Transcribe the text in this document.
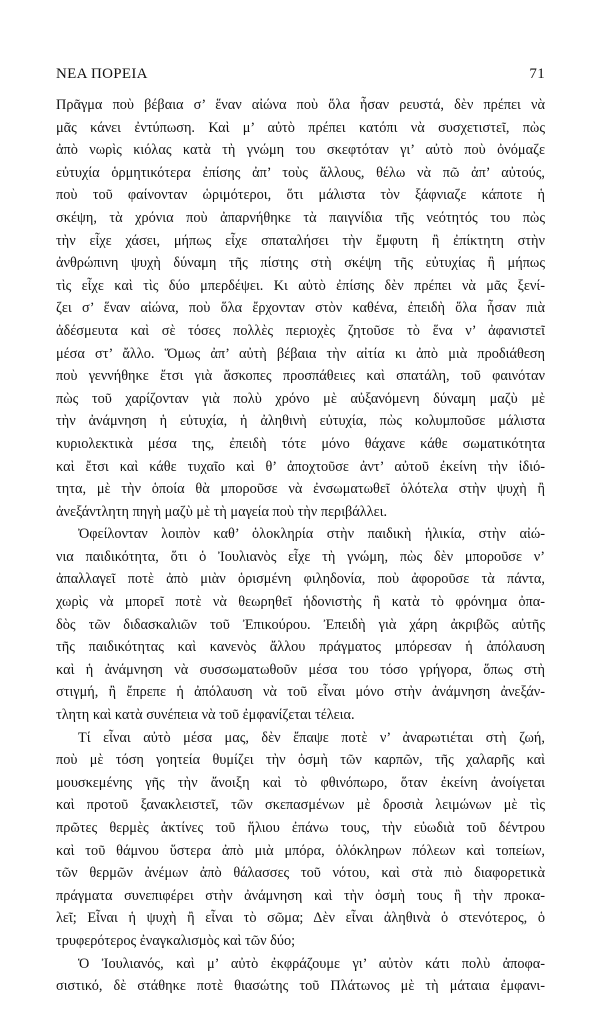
ΝΕΑ ΠΟΡΕΙΑ	71
Πρᾶγμα ποὺ βέβαια σ’ ἕναν αἰώνα ποὺ ὅλα ἦσαν ρευστά, δὲν πρέπει νὰ
μᾶς κάνει ἐντύπωση. Καὶ μ’ αὐτὸ πρέπει κατόπι νὰ συσχετιστεῖ, πὼς
ἀπὸ νωρὶς κιόλας κατὰ τὴ γνώμη του σκεφτόταν γι’ αὐτὸ ποὺ ὀνόμαζε
εὐτυχία ὁρμητικότερα ἐπίσης ἀπ’ τοὺς ἄλλους, θέλω νὰ πῶ ἀπ’ αὐτούς,
ποὺ τοῦ φαίνονταν ὡριμότεροι, ὅτι μάλιστα τὸν ξάφνιαζε κάποτε ἡ
σκέψη, τὰ χρόνια ποὺ ἀπαρνήθηκε τὰ παιγνίδια τῆς νεότητός του πὼς
τὴν εἶχε χάσει, μήπως εἶχε σπαταλήσει τὴν ἔμφυτη ἢ ἐπίκτητη στὴν
ἀνθρώπινη ψυχὴ δύναμη τῆς πίστης στὴ σκέψη τῆς εὐτυχίας ἢ μήπως
τὶς εἶχε καὶ τὶς δύο μπερδέψει. Κι αὐτὸ ἐπίσης δὲν πρέπει νὰ μᾶς ξενί-
ζει σ’ ἕναν αἰώνα, ποὺ ὅλα ἔρχονταν στὸν καθένα, ἐπειδὴ ὅλα ἦσαν πιὰ
ἀδέσμευτα καὶ σὲ τόσες πολλὲς περιοχὲς ζητοῦσε τὸ ἕνα ν’ ἀφανιστεῖ
μέσα στ’ ἄλλο. Ὅμως ἀπ’ αὐτὴ βέβαια τὴν αἰτία κι ἀπὸ μιὰ προδιάθεση
ποὺ γεννήθηκε ἔτσι γιὰ ἄσκοπες προσπάθειες καὶ σπατάλη, τοῦ φαινόταν
πὼς τοῦ χαρίζονταν γιὰ πολὺ χρόνο μὲ αὐξανόμενη δύναμη μαζὺ μὲ
τὴν ἀνάμνηση ἡ εὐτυχία, ἡ ἀληθινὴ εὐτυχία, πὼς κολυμποῦσε μάλιστα
κυριολεκτικὰ μέσα της, ἐπειδὴ τότε μόνο θάχανε κάθε σωματικότητα
καὶ ἔτσι καὶ κάθε τυχαῖο καὶ θ’ ἀποχτοῦσε ἀντ’ αὐτοῦ ἐκείνη τὴν ἰδιό-
τητα, μὲ τὴν ὁποία θὰ μποροῦσε νὰ ἐνσωματωθεῖ ὁλότελα στὴν ψυχὴ ἢ
ἀνεξάντλητη πηγὴ μαζὺ μὲ τὴ μαγεία ποὺ τὴν περιβάλλει.
Ὀφείλονταν λοιπὸν καθ’ ὁλοκληρία στὴν παιδικὴ ἡλικία, στὴν αἰώ-
νια παιδικότητα, ὅτι ὁ Ἰουλιανὸς εἶχε τὴ γνώμη, πὼς δὲν μποροῦσε ν’
ἀπαλλαγεῖ ποτὲ ἀπὸ μιὰν ὁρισμένη φιληδονία, ποὺ ἀφοροῦσε τὰ πάντα,
χωρὶς νὰ μπορεῖ ποτὲ νὰ θεωρηθεῖ ἡδονιστὴς ἢ κατὰ τὸ φρόνημα ὀπα-
δὸς τῶν διδασκαλιῶν τοῦ Ἐπικούρου. Ἐπειδὴ γιὰ χάρη ἀκριβῶς αὐτῆς
τῆς παιδικότητας καὶ κανενὸς ἄλλου πράγματος μπόρεσαν ἡ ἀπόλαυση
καὶ ἡ ἀνάμνηση νὰ συσσωματωθοῦν μέσα του τόσο γρήγορα, ὅπως στὴ
στιγμή, ἢ ἔπρεπε ἡ ἀπόλαυση νὰ τοῦ εἶναι μόνο στὴν ἀνάμνηση ἀνεξάν-
τλητη καὶ κατὰ συνέπεια νὰ τοῦ ἐμφανίζεται τέλεια.
Τί εἶναι αὐτὸ μέσα μας, δὲν ἔπαψε ποτὲ ν’ ἀναρωτιέται στὴ ζωή,
ποὺ μὲ τόση γοητεία θυμίζει τὴν ὀσμὴ τῶν καρπῶν, τῆς χαλαρῆς καὶ
μουσκεμένης γῆς τὴν ἄνοιξη καὶ τὸ φθινόπωρο, ὅταν ἐκείνη ἀνοίγεται
καὶ προτοῦ ξανακλειστεῖ, τῶν σκεπασμένων μὲ δροσιὰ λειμώνων μὲ τὶς
πρῶτες θερμὲς ἀκτίνες τοῦ ἥλιου ἐπάνω τους, τὴν εὐωδιὰ τοῦ δέντρου
καὶ τοῦ θάμνου ὕστερα ἀπὸ μιὰ μπόρα, ὁλόκληρων πόλεων καὶ τοπείων,
τῶν θερμῶν ἀνέμων ἀπὸ θάλασσες τοῦ νότου, καὶ στὰ πιὸ διαφορετικὰ
πράγματα συνεπιφέρει στὴν ἀνάμνηση καὶ τὴν ὀσμὴ τους ἢ τὴν προκα-
λεῖ; Εἶναι ἡ ψυχὴ ἢ εἶναι τὸ σῶμα; Δὲν εἶναι ἀληθινὰ ὁ στενότερος, ὁ
τρυφερότερος ἐναγκαλισμὸς καὶ τῶν δύο;
Ὁ Ἰουλιανός, καὶ μ’ αὐτὸ ἐκφράζουμε γι’ αὐτὸν κάτι πολὺ ἀποφα-
σιστικό, δὲ στάθηκε ποτὲ θιασώτης τοῦ Πλάτωνος μὲ τὴ μάταια ἐμφανι-
